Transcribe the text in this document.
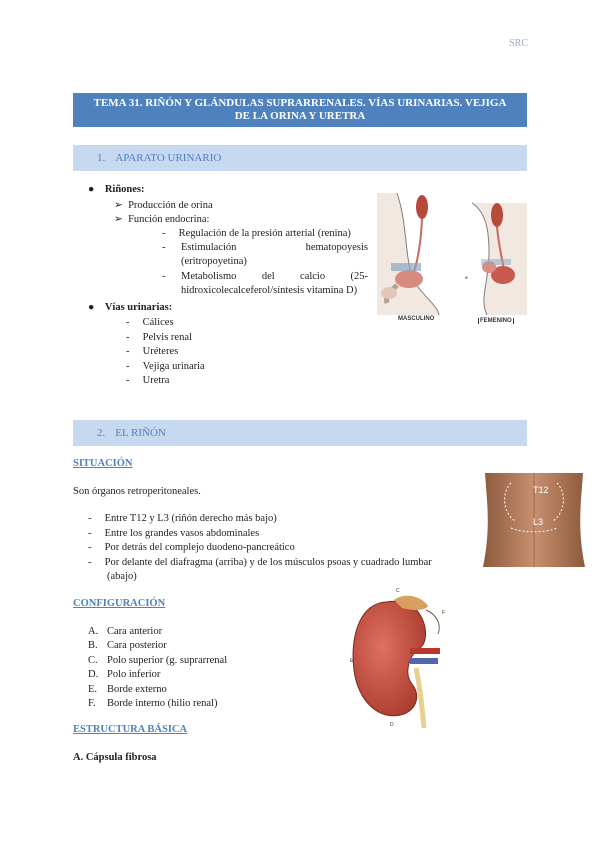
SRC
TEMA 31. RIÑÓN Y GLÁNDULAS SUPRARRENALES. VÍAS URINARIAS. VEJIGA DE LA ORINA Y URETRA
1. APARATO URINARIO
●    Riñones:
➢  Producción de orina
➢  Función endocrina:
-     Regulación de la presión arterial (renina)
- Estimulación	hematopoyesis
(eritropoyetina)
- Metabolismo del calcio (25-
hidroxicolecalceferol/síntesis vitamina D)
●    Vías urinarias:
-     Cálices
-     Pelvis renal
-     Uréteres
-     Vejiga urinaria
-     Uretra
MASCULINO	FEMENINO
a
2. EL RIÑÓN
SITUACIÓN
Son órganos retroperitoneales.
-     Entre T12 y L3 (riñón derecho más bajo)
-     Entre los grandes vasos abdominales
-     Por detrás del complejo duodeno-pancreático
-     Por delante del diafragma (arriba) y de los músculos psoas y cuadrado lumbar
(abajo)
T12
L3
CONFIGURACIÓN
A. Cara anterior
B. Cara posterior
C. Polo superior (g. suprarrenal
D. Polo inferior
E. Borde externo
F. Borde interno (hilio renal)
C
E
F
D
ESTRUCTURA BÁSICA
A. Cápsula fibrosa
